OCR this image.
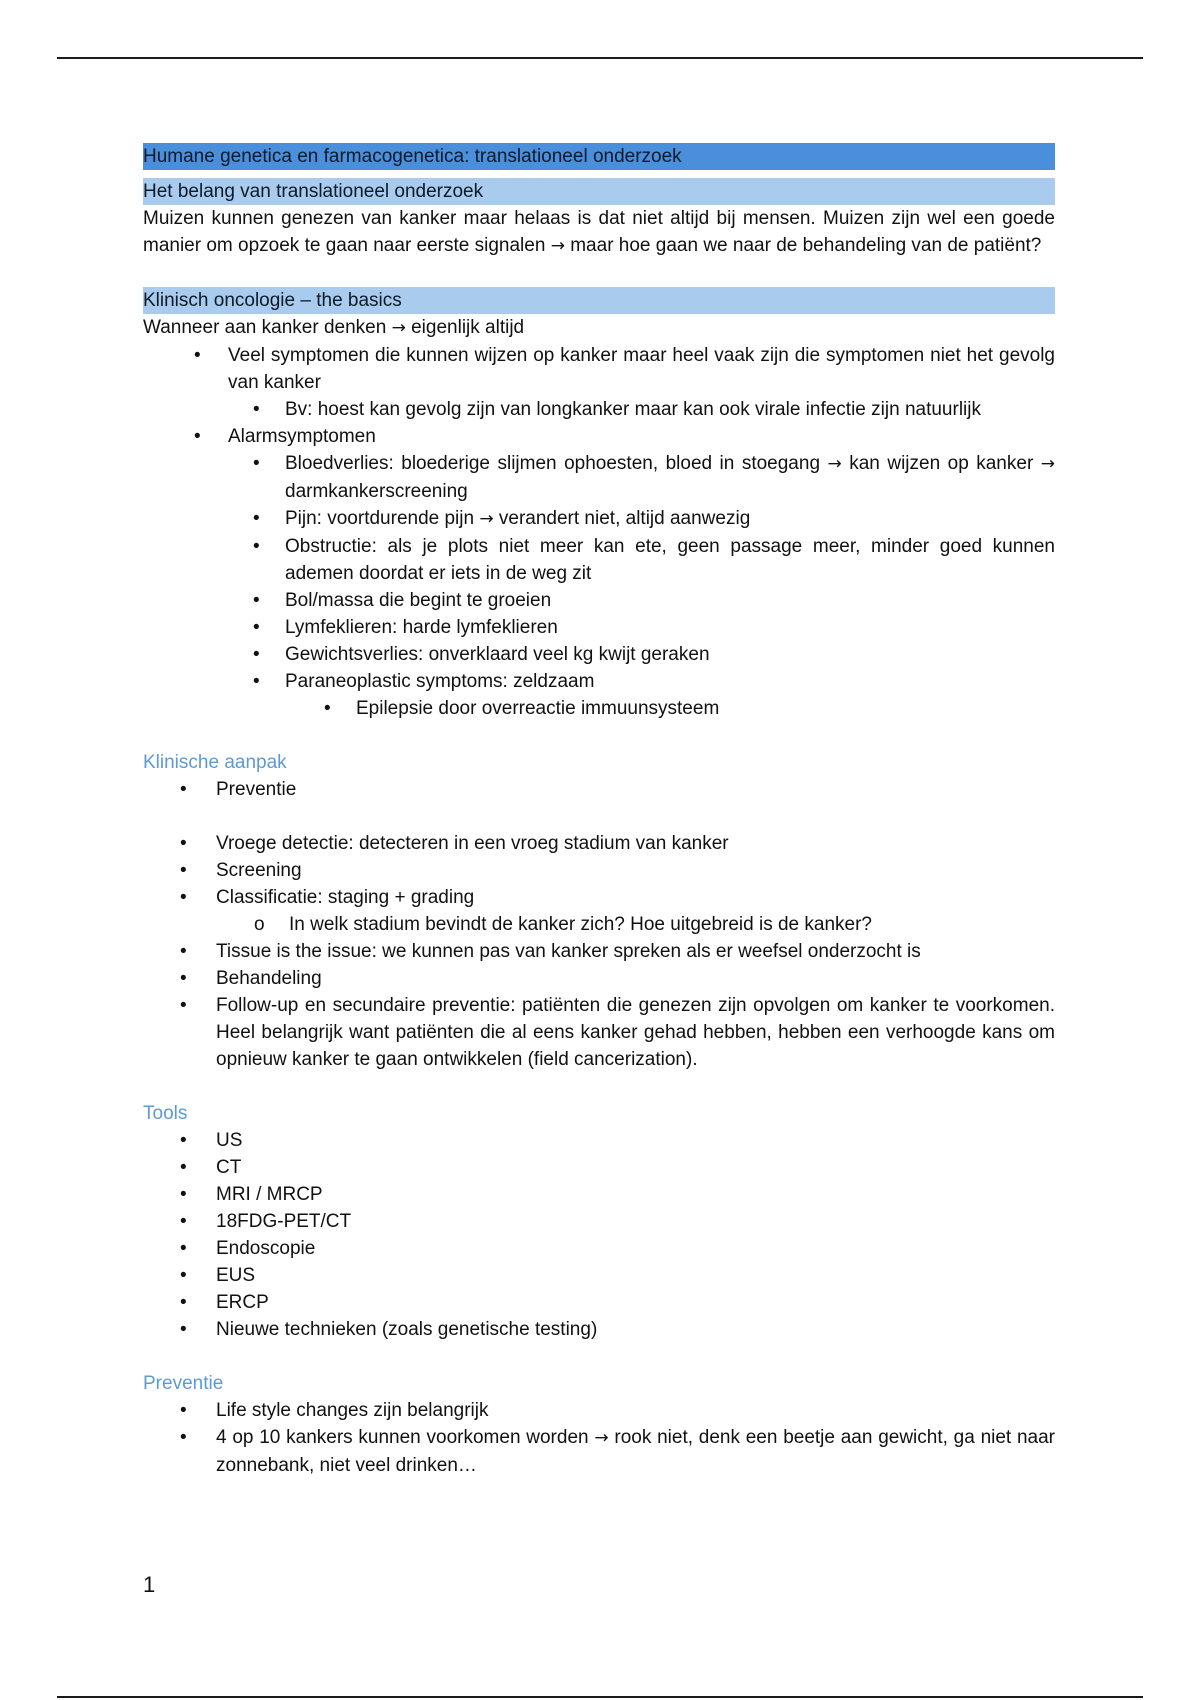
Humane genetica en farmacogenetica: translationeel onderzoek
Het belang van translationeel onderzoek

Muizen kunnen genezen van kanker maar helaas is dat niet altijd bij mensen. Muizen zijn wel een goede manier om opzoek te gaan naar eerste signalen → maar hoe gaan we naar de behandeling van de patiënt?

Klinisch oncologie – the basics

Wanneer aan kanker denken → eigenlijk altijd

• Veel symptomen die kunnen wijzen op kanker maar heel vaak zijn die symptomen niet het gevolg van kanker
• Bv: hoest kan gevolg zijn van longkanker maar kan ook virale infectie zijn natuurlijk
• Alarmsymptomen
• Bloedverlies: bloederige slijmen ophoesten, bloed in stoegang → kan wijzen op kanker → darmkankerscreening
• Pijn: voortdurende pijn → verandert niet, altijd aanwezig
• Obstructie: als je plots niet meer kan ete, geen passage meer, minder goed kunnen ademen doordat er iets in de weg zit
• Bol/massa die begint te groeien
• Lymfeklieren: harde lymfeklieren
• Gewichtsverlies: onverklaard veel kg kwijt geraken
• Paraneoplastic symptoms: zeldzaam
• Epilepsie door overreactie immuunsysteem
Klinische aanpak
• Preventie
• Vroege detectie: detecteren in een vroeg stadium van kanker
• Screening
• Classificatie: staging + grading
o In welk stadium bevindt de kanker zich? Hoe uitgebreid is de kanker?
• Tissue is the issue: we kunnen pas van kanker spreken als er weefsel onderzocht is
• Behandeling
• Follow-up en secundaire preventie: patiënten die genezen zijn opvolgen om kanker te voorkomen. Heel belangrijk want patiënten die al eens kanker gehad hebben, hebben een verhoogde kans om opnieuw kanker te gaan ontwikkelen (field cancerization).
Tools
• US
• CT
• MRI / MRCP
• 18FDG-PET/CT
• Endoscopie
• EUS
• ERCP
• Nieuwe technieken (zoals genetische testing)
Preventie
• Life style changes zijn belangrijk
• 4 op 10 kankers kunnen voorkomen worden → rook niet, denk een beetje aan gewicht, ga niet naar zonnebank, niet veel drinken…
1
